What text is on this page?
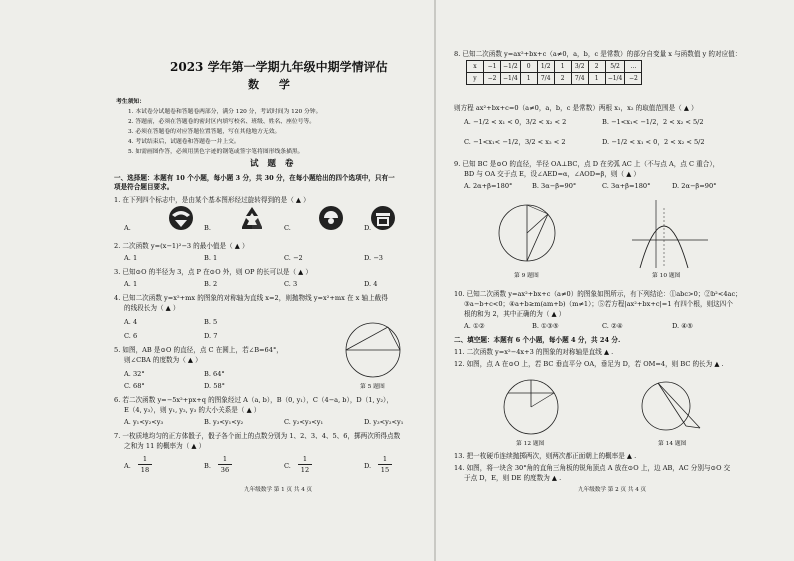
2023 学年第一学期九年级中期学情评估
数 学
考生须知：
1. 本试卷分试题卷和答题卷两部分，满分 120 分，考试时间为 120 分钟。
2. 答题前，必须在答题卷的密封区内填写校名、班级、姓名、座位号等。
3. 必须在答题卷的对应答题位置答题，写在其他地方无效。
4. 考试结束后，试题卷和答题卷一并上交。
5. 如需画图作答，必须用黑色字迹的钢笔或签字笔将图形线条描黑。
试 题 卷
一、选择题：本题有 10 个小题，每小题 3 分，共 30 分，在每小题给出的四个选项中，只有一
项是符合题目要求。
1. 在下列四个标志中，是由某个基本图形经过旋转得到的是（ ▲ ）
A.	B.	C.	D.
2. 二次函数 y=(x−1)²−3 的最小值是（ ▲ ）
A. 1	B. 1	C. −2	D. −3
3. 已知⊙O 的半径为 3，点 P 在⊙O 外，则 OP 的长可以是（ ▲ ）
A. 1	B. 2	C. 3	D. 4
4. 已知二次函数 y=x²+mx 的图象的对称轴为直线 x=2，则抛物线 y=x²+mx 在 x 轴上截得
的线段长为（ ▲ ）
A. 4	B. 5
C. 6	D. 7
5. 如图，AB 是⊙O 的直径，点 C 在圆上，若∠B=64°，
则∠CBA 的度数为（ ▲ ）
A. 32°	B. 64°
C. 68°	D. 58°	第 5 题图
6. 若二次函数 y=−5x²+px+q 的图象经过 A（a, b），B（0, y₁），C（4−a, b），D（1, y₂），
E（4, y₃），则 y₁, y₂, y₃ 的大小关系是（ ▲ ）
A. y₁<y₂<y₃	B. y₃<y₁<y₂	C. y₂<y₃<y₁	D. y₃<y₂<y₁
7. 一枚质地均匀的正方体骰子，骰子各个面上的点数分别为 1、2、3、4、5、6，掷两次所得点数
之和为 11 的概率为（ ▲ ）
A.
1
18	B.
1
36	C.
1
12	D.
1
15
九年级数学 第 1 页 共 4 页
8. 已知二次函数 y=ax²+bx+c（a≠0，a，b，c 是常数）的部分自变量 x 与函数值 y 的对应值：
x	−1	−1/2	0	1/2	1	3/2	2	5/2	…
y	−2	−1/4	1	7/4	2	7/4	1	−1/4	−2
则方程 ax²+bx+c=0（a≠0，a，b，c 是常数）两根 x₁，x₂ 的取值范围是（ ▲ ）
A. −1/2 < x₁ < 0，3/2 < x₂ < 2	B. −1<x₁< −1/2，2 < x₂ < 5/2
C. −1<x₁< −1/2，3/2 < x₂ < 2	D. −1/2 < x₁ < 0，2 < x₂ < 5/2
9. 已知 BC 是⊙O 的直径，半径 OA⊥BC，点 D 在劣弧 AC 上（不与点 A，点 C 重合），
BD 与 OA 交于点 E，设∠AED=α，∠AOD=β，则（ ▲ ）
A. 2α+β=180°	B. 3α−β=90°	C. 3α+β=180°	D. 2α−β=90°
第 9 题图	第 10 题图
10. 已知二次函数 y=ax²+bx+c（a≠0）的图象如图所示，有下列结论：①abc>0；②b²<4ac；
③a−b+c<0；④a+b≥m(am+b)（m≠1）；⑤若方程|ax²+bx+c|=1 有四个根，则这四个
根的和为 2，其中正确的为（ ▲ ）
A. ①②	B. ①③⑤	C. ②④	D. ④⑤
二、填空题：本题有 6 个小题，每小题 4 分，共 24 分.
11. 二次函数 y=x²−4x+3 的图象的对称轴是直线 ▲ .
12. 如图，点 A 在⊙O 上，若 BC 垂直平分 OA，垂足为 D，若 OM=4，则 BC 的长为 ▲ .
第 12 题图	第 14 题图
13. 把一枚硬币连续抛掷两次，则两次都正面朝上的概率是 ▲ .
14. 如图，将一块含 30°角的直角三角板的锐角顶点 A 放在⊙O 上，边 AB，AC 分别与⊙O 交
于点 D，E，则 DE 的度数为 ▲ .
九年级数学 第 2 页 共 4 页
